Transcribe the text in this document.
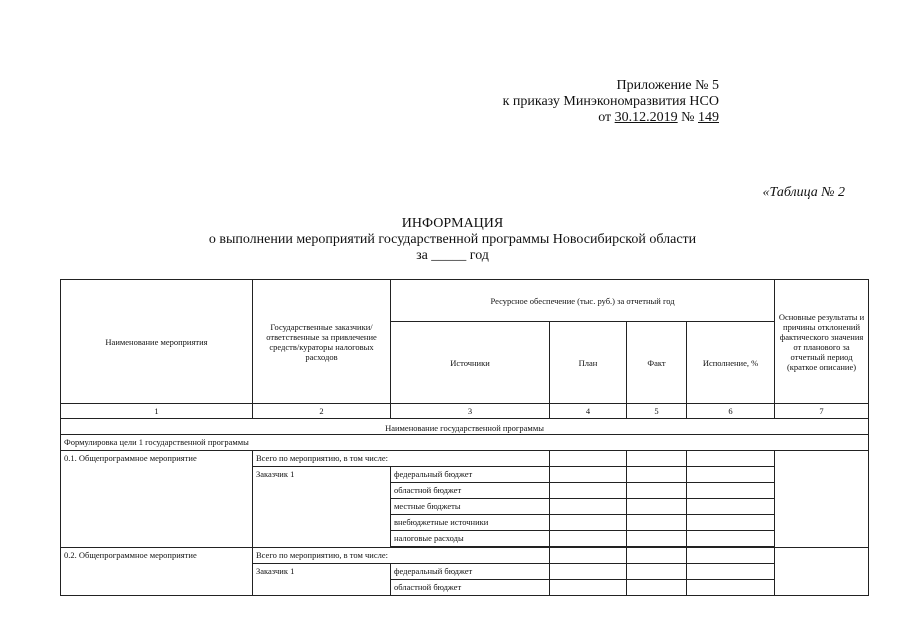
Приложение № 5
к приказу Минэкономразвития НСО
от 30.12.2019 № 149
«Таблица № 2
ИНФОРМАЦИЯ
о выполнении мероприятий государственной программы Новосибирской области
за _____ год
Наименование мероприятия	Государственные заказчики/ответственные за привлечение средств/кураторы налоговых расходов	Ресурсное обеспечение (тыс. руб.) за отчетный год				Основные результаты и причины отклонений фактического значения от планового за отчетный период (краткое описание)
		Источники	План	Факт	Исполнение, %	
1	2	3	4	5	6	7
Наименование государственной программы						
Формулировка цели 1 государственной программы						
0.1. Общепрограммное мероприятие	Всего по мероприятию, в том числе:					
	Заказчик 1	федеральный бюджет				
		областной бюджет				
		местные бюджеты				
		внебюджетные источники				
		налоговые расходы				

0.2. Общепрограммное мероприятие	Всего по мероприятию, в том числе:					
	Заказчик 1	федеральный бюджет				
		областной бюджет				
